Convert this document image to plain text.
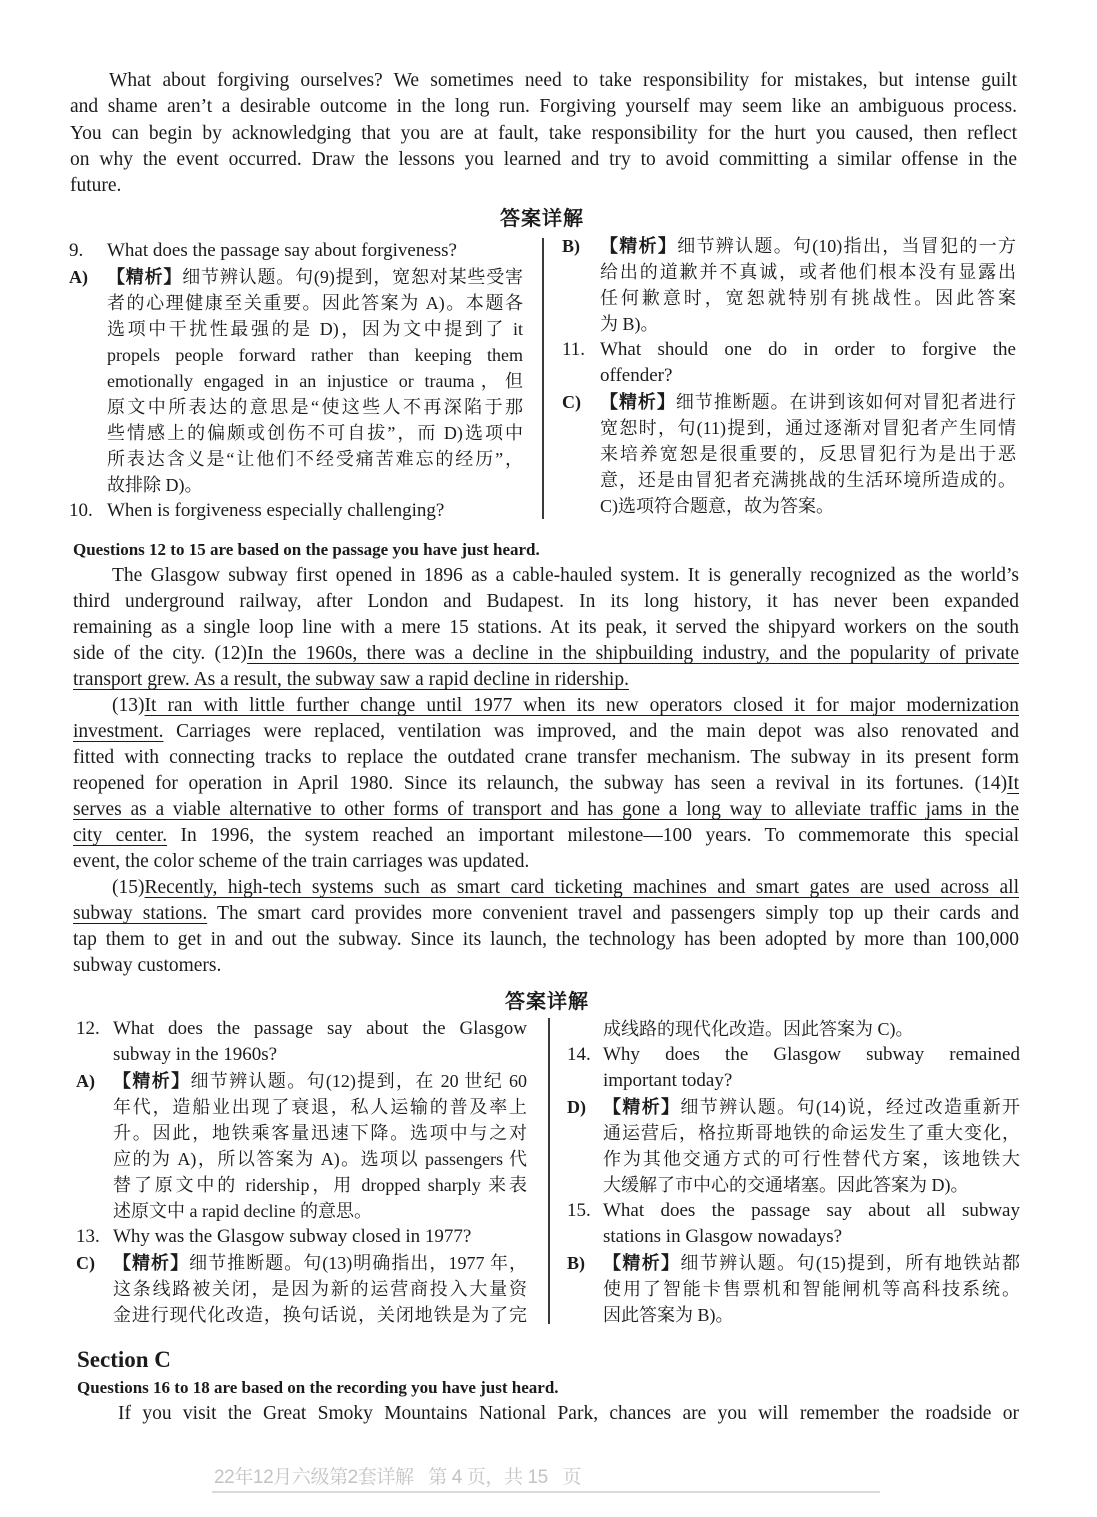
What about forgiving ourselves? We sometimes need to take responsibility for mistakes, but intense guilt
and shame aren’t a desirable outcome in the long run. Forgiving yourself may seem like an ambiguous process.
You can begin by acknowledging that you are at fault, take responsibility for the hurt you caused, then reflect
on why the event occurred. Draw the lessons you learned and try to avoid committing a similar offense in the
future.
答案详解
9.	What does the passage say about forgiveness?
A)	【精析】细节辨认题。句(9)提到，宽恕对某些受害
者的心理健康至关重要。因此答案为 A)。本题各
选项中干扰性最强的是 D)，因为文中提到了 it
propels people forward rather than keeping them
emotionally engaged in an injustice or trauma，但
原文中所表达的意思是“使这些人不再深陷于那
些情感上的偏颇或创伤不可自拔”，而 D)选项中
所表达含义是“让他们不经受痛苦难忘的经历”，
故排除 D)。
10. When is forgiveness especially challenging?
B)	【精析】细节辨认题。句(10)指出，当冒犯的一方
给出的道歉并不真诚，或者他们根本没有显露出
任何歉意时，宽恕就特别有挑战性。因此答案
为 B)。
11. What should one do in order to forgive the
offender?
C)	【精析】细节推断题。在讲到该如何对冒犯者进行
宽恕时，句(11)提到，通过逐渐对冒犯者产生同情
来培养宽恕是很重要的，反思冒犯行为是出于恶
意，还是由冒犯者充满挑战的生活环境所造成的。
C)选项符合题意，故为答案。
Questions 12 to 15 are based on the passage you have just heard.
The Glasgow subway first opened in 1896 as a cable-hauled system. It is generally recognized as the world’s
third underground railway, after London and Budapest. In its long history, it has never been expanded
remaining as a single loop line with a mere 15 stations. At its peak, it served the shipyard workers on the south
side of the city. (12)In the 1960s, there was a decline in the shipbuilding industry, and the popularity of private
transport grew. As a result, the subway saw a rapid decline in ridership.
(13)It ran with little further change until 1977 when its new operators closed it for major modernization
investment. Carriages were replaced, ventilation was improved, and the main depot was also renovated and
fitted with connecting tracks to replace the outdated crane transfer mechanism. The subway in its present form
reopened for operation in April 1980. Since its relaunch, the subway has seen a revival in its fortunes. (14)It
serves as a viable alternative to other forms of transport and has gone a long way to alleviate traffic jams in the
city center. In 1996, the system reached an important milestone—100 years. To commemorate this special
event, the color scheme of the train carriages was updated.
(15)Recently, high-tech systems such as smart card ticketing machines and smart gates are used across all
subway stations. The smart card provides more convenient travel and passengers simply top up their cards and
tap them to get in and out the subway. Since its launch, the technology has been adopted by more than 100,000
subway customers.
答案详解
12. What does the passage say about the Glasgow
subway in the 1960s?
A)	【精析】细节辨认题。句(12)提到，在 20 世纪 60
年代，造船业出现了衰退，私人运输的普及率上
升。因此，地铁乘客量迅速下降。选项中与之对
应的为 A)，所以答案为 A)。选项以 passengers 代
替了原文中的 ridership，用 dropped sharply 来表
述原文中 a rapid decline 的意思。
13. Why was the Glasgow subway closed in 1977?
C)	【精析】细节推断题。句(13)明确指出，1977 年，
这条线路被关闭，是因为新的运营商投入大量资
金进行现代化改造，换句话说，关闭地铁是为了完
成线路的现代化改造。因此答案为 C)。
14. Why does the Glasgow subway remained
important today?
D) 【精析】细节辨认题。句(14)说，经过改造重新开
通运营后，格拉斯哥地铁的命运发生了重大变化，
作为其他交通方式的可行性替代方案，该地铁大
大缓解了市中心的交通堵塞。因此答案为 D)。
15. What does the passage say about all subway
stations in Glasgow nowadays?
B)	【精析】细节辨认题。句(15)提到，所有地铁站都
使用了智能卡售票机和智能闸机等高科技系统。
因此答案为 B)。
Section C
Questions 16 to 18 are based on the recording you have just heard.
If you visit the Great Smoky Mountains National Park, chances are you will remember the roadside or
22年12月六级第2套详解   第 4 页，共 15   页
